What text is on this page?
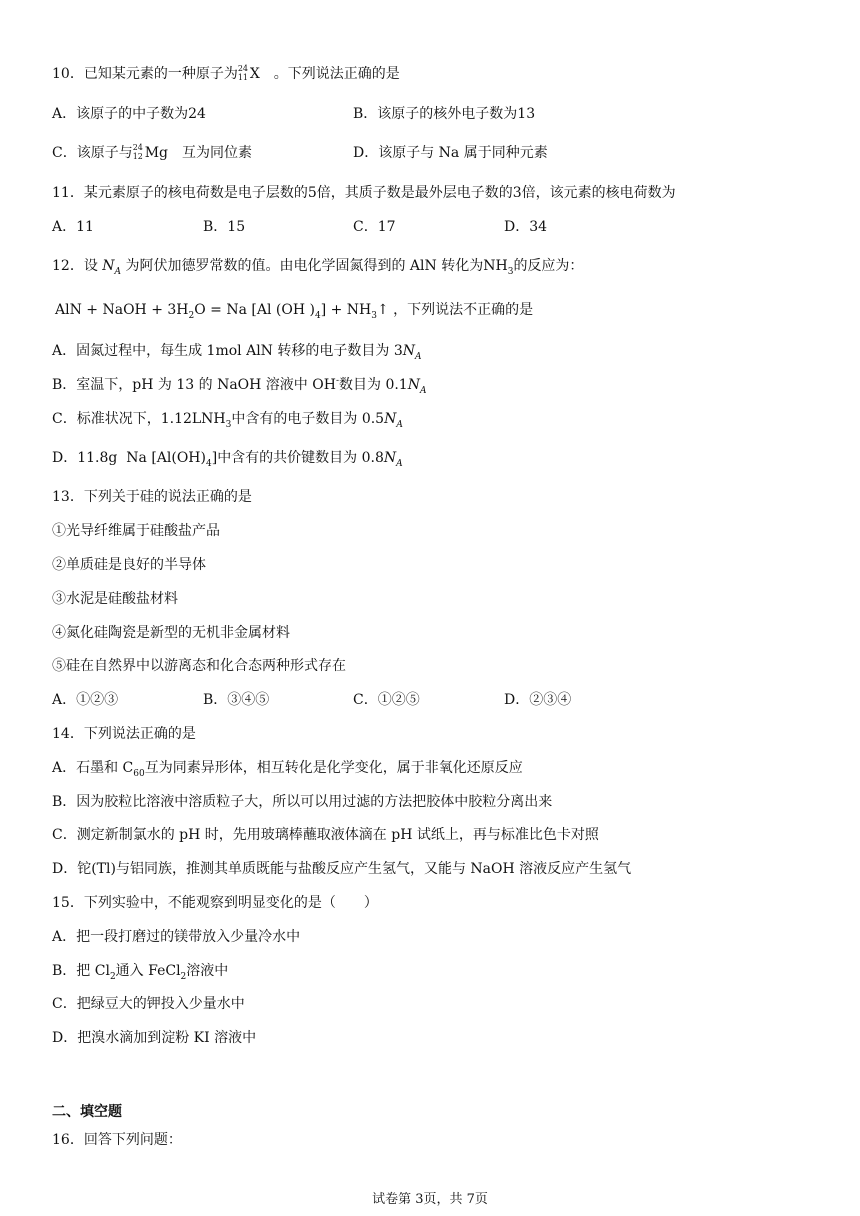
10．已知某元素的一种原子为 24
11 X 。下列说法正确的是
A．该原子的中子数为24	B．该原子的核外电子数为13
C．该原子与 24
12 Mg 互为同位素	D．该原子与 Na 属于同种元素
11．某元素原子的核电荷数是电子层数的5倍，其质子数是最外层电子数的3倍，该元素的核电荷数为
A．11	B．15	C．17	D．34
12．设 $N_A$ 为阿伏加德罗常数的值。由电化学固氮得到的 AlN 转化为$NH_3$的反应为：
AlN + NaOH + $3H_2O = Na$ [Al (OH )$_4$] + $NH_3↑$ ，下列说法不正确的是
A．固氮过程中，每生成 1mol AlN 转移的电子数目为 $3N_A$
B．室温下，pH 为 13 的 NaOH 溶液中 OH-数目为 $0.1N_A$
C．标准状况下，$1.12LNH_3$中含有的电子数目为 $0.5N_A$
D．11.8g Na $[Al(OH)_4]$中含有的共价键数目为 $0.8N_A$
13．下列关于硅的说法正确的是
①光导纤维属于硅酸盐产品
②单质硅是良好的半导体
③水泥是硅酸盐材料
④氮化硅陶瓷是新型的无机非金属材料
⑤硅在自然界中以游离态和化合态两种形式存在
A．①②③	B．③④⑤	C．①②⑤	D．②③④
14．下列说法正确的是
A．石墨和 $C_{60}$互为同素异形体，相互转化是化学变化，属于非氧化还原反应
B．因为胶粒比溶液中溶质粒子大，所以可以用过滤的方法把胶体中胶粒分离出来
C．测定新制氯水的 pH 时，先用玻璃棒蘸取液体滴在 pH 试纸上，再与标准比色卡对照
D．铊(Tl)与铝同族，推测其单质既能与盐酸反应产生氢气，又能与 NaOH 溶液反应产生氢气
15．下列实验中，不能观察到明显变化的是（　　）
A．把一段打磨过的镁带放入少量冷水中
B．把 $Cl_2$通入 FeCl$_2$溶液中
C．把绿豆大的钾投入少量水中
D．把溴水滴加到淀粉 KI 溶液中
二、填空题
16．回答下列问题：
试卷第 3页，共 7页
